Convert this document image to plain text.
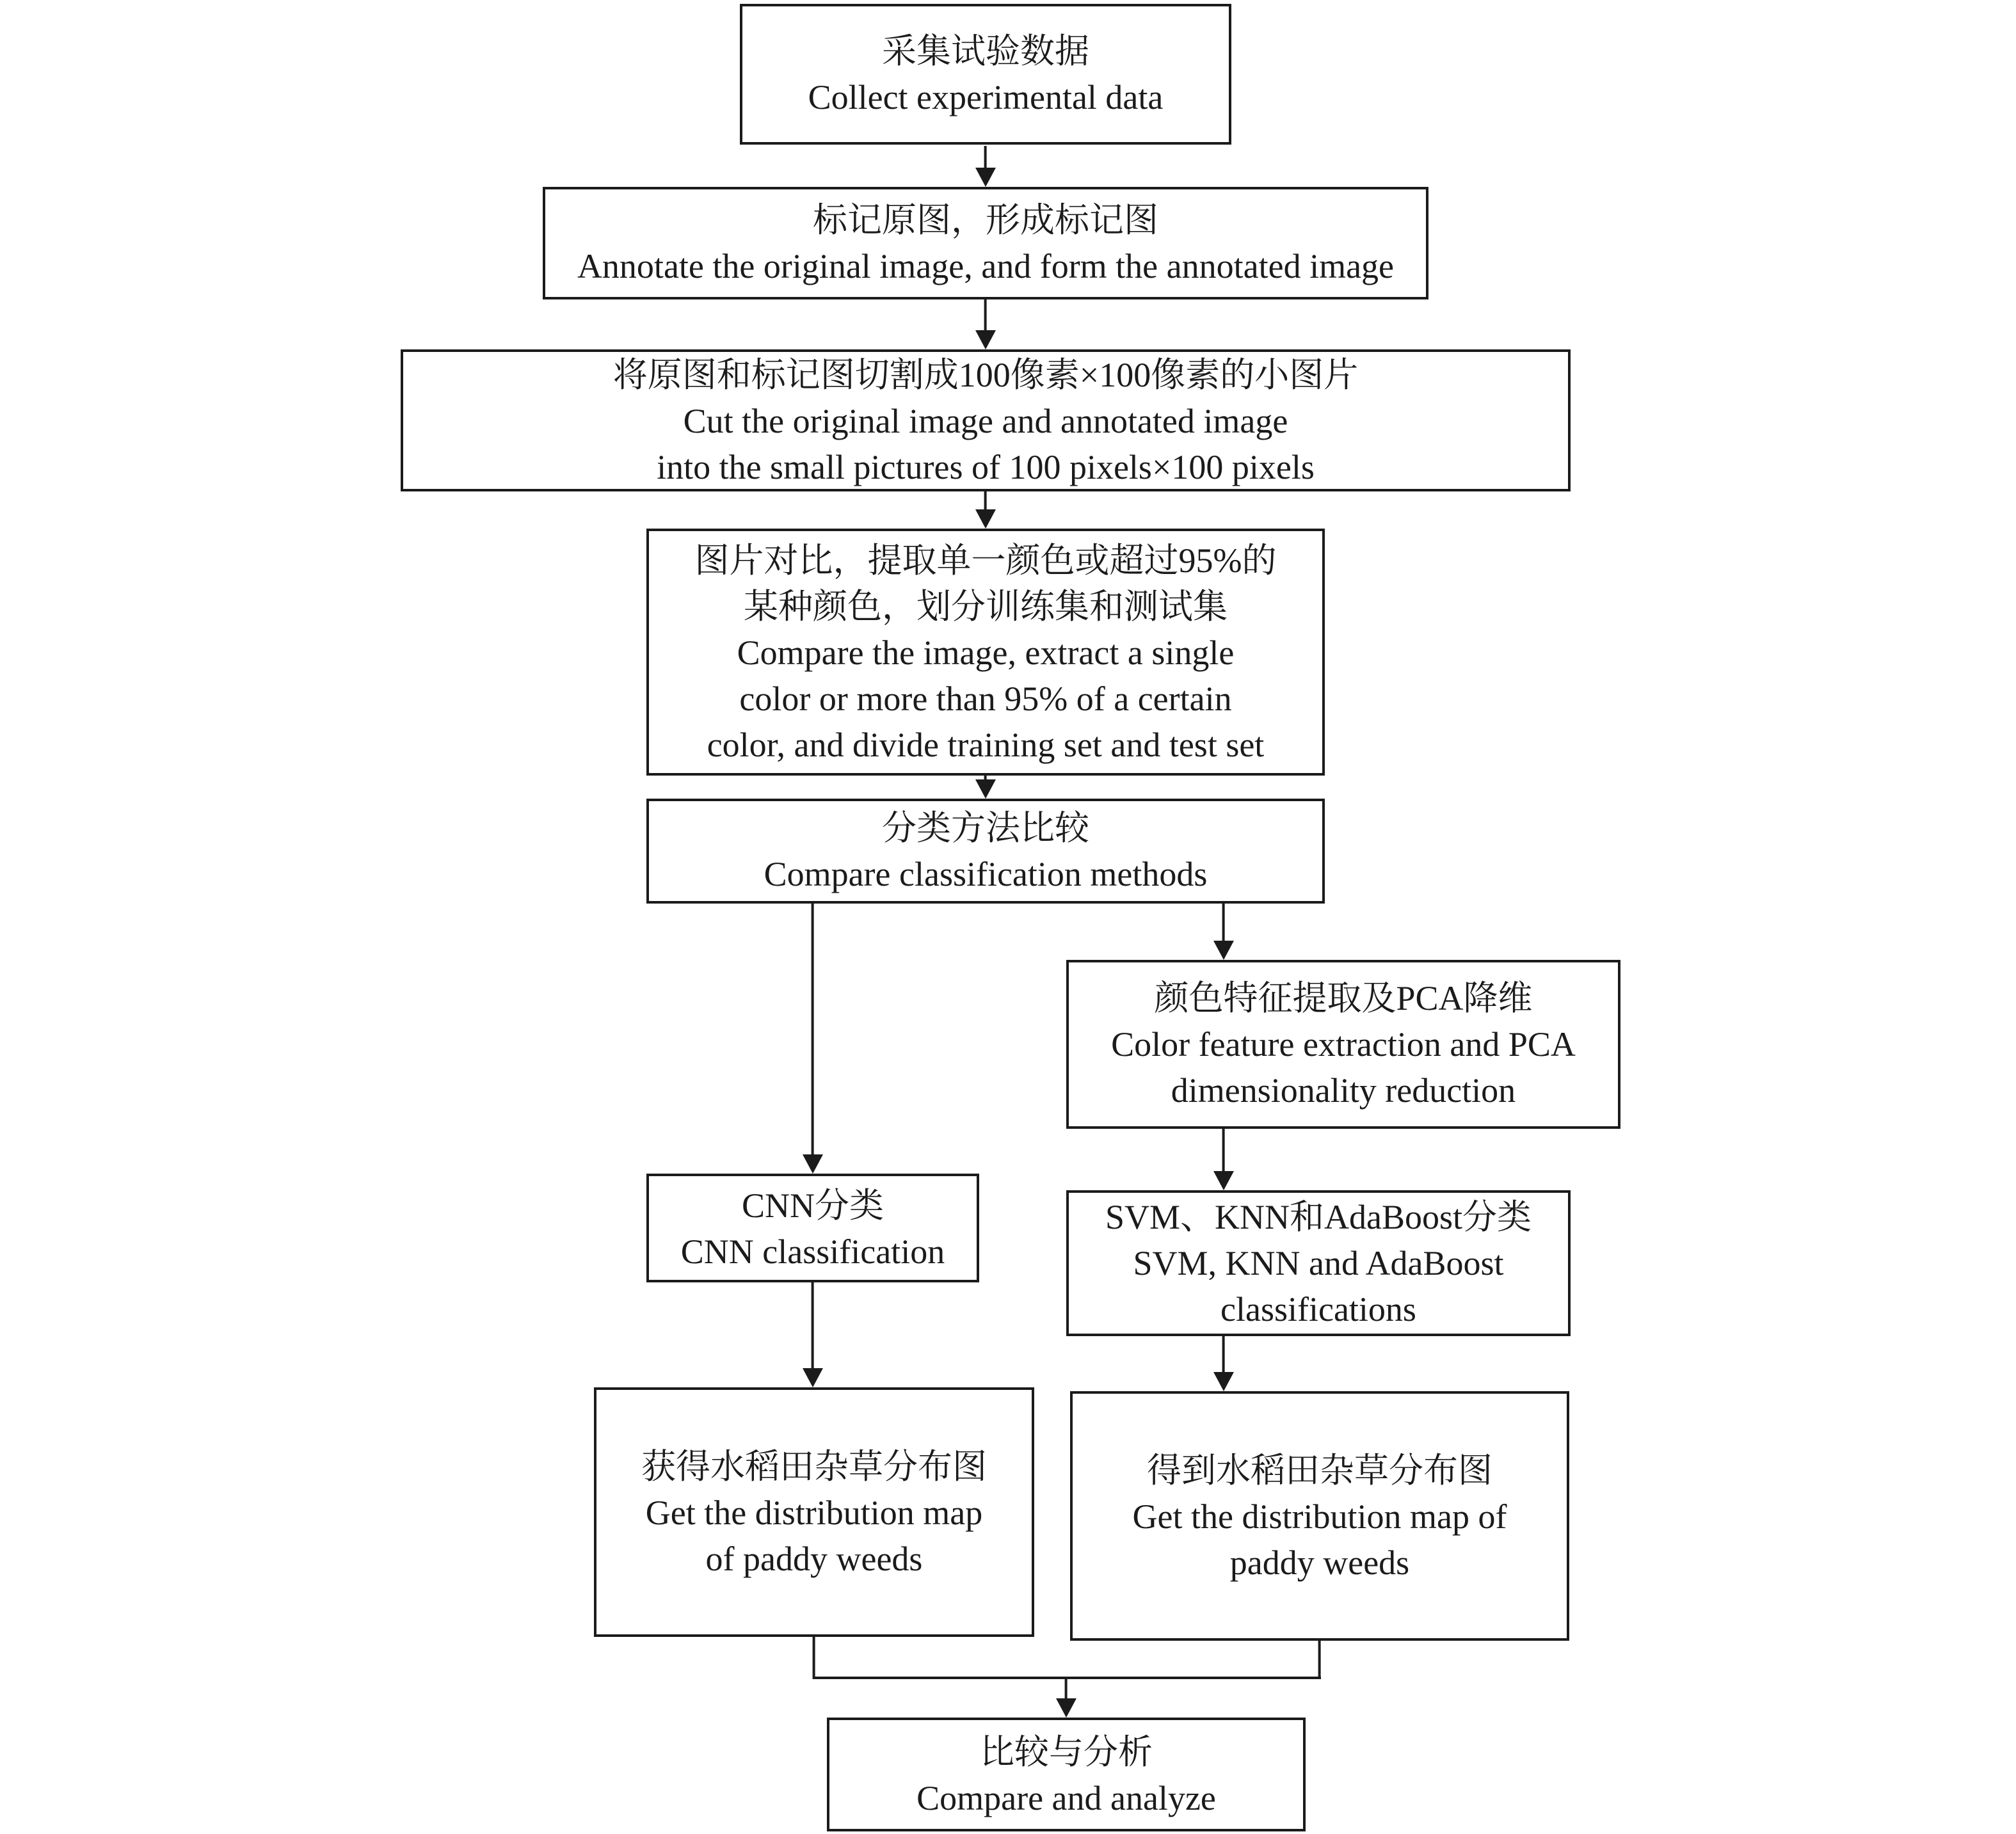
采集试验数据
Collect experimental data
标记原图，形成标记图
Annotate the original image, and form the annotated image
将原图和标记图切割成100像素×100像素的小图片
Cut the original image and annotated image
into the small pictures of 100 pixels×100 pixels
图片对比，提取单一颜色或超过95%的
某种颜色，划分训练集和测试集
Compare the image, extract a single
color or more than 95% of a certain
color, and divide training set and test set
分类方法比较
Compare classification methods
颜色特征提取及PCA降维
Color feature extraction and PCA
dimensionality reduction
CNN分类
CNN classification
SVM、KNN和AdaBoost分类
SVM, KNN and AdaBoost
classifications
获得水稻田杂草分布图
Get the distribution map
of paddy weeds
得到水稻田杂草分布图
Get the distribution map of
paddy weeds
比较与分析
Compare and analyze
